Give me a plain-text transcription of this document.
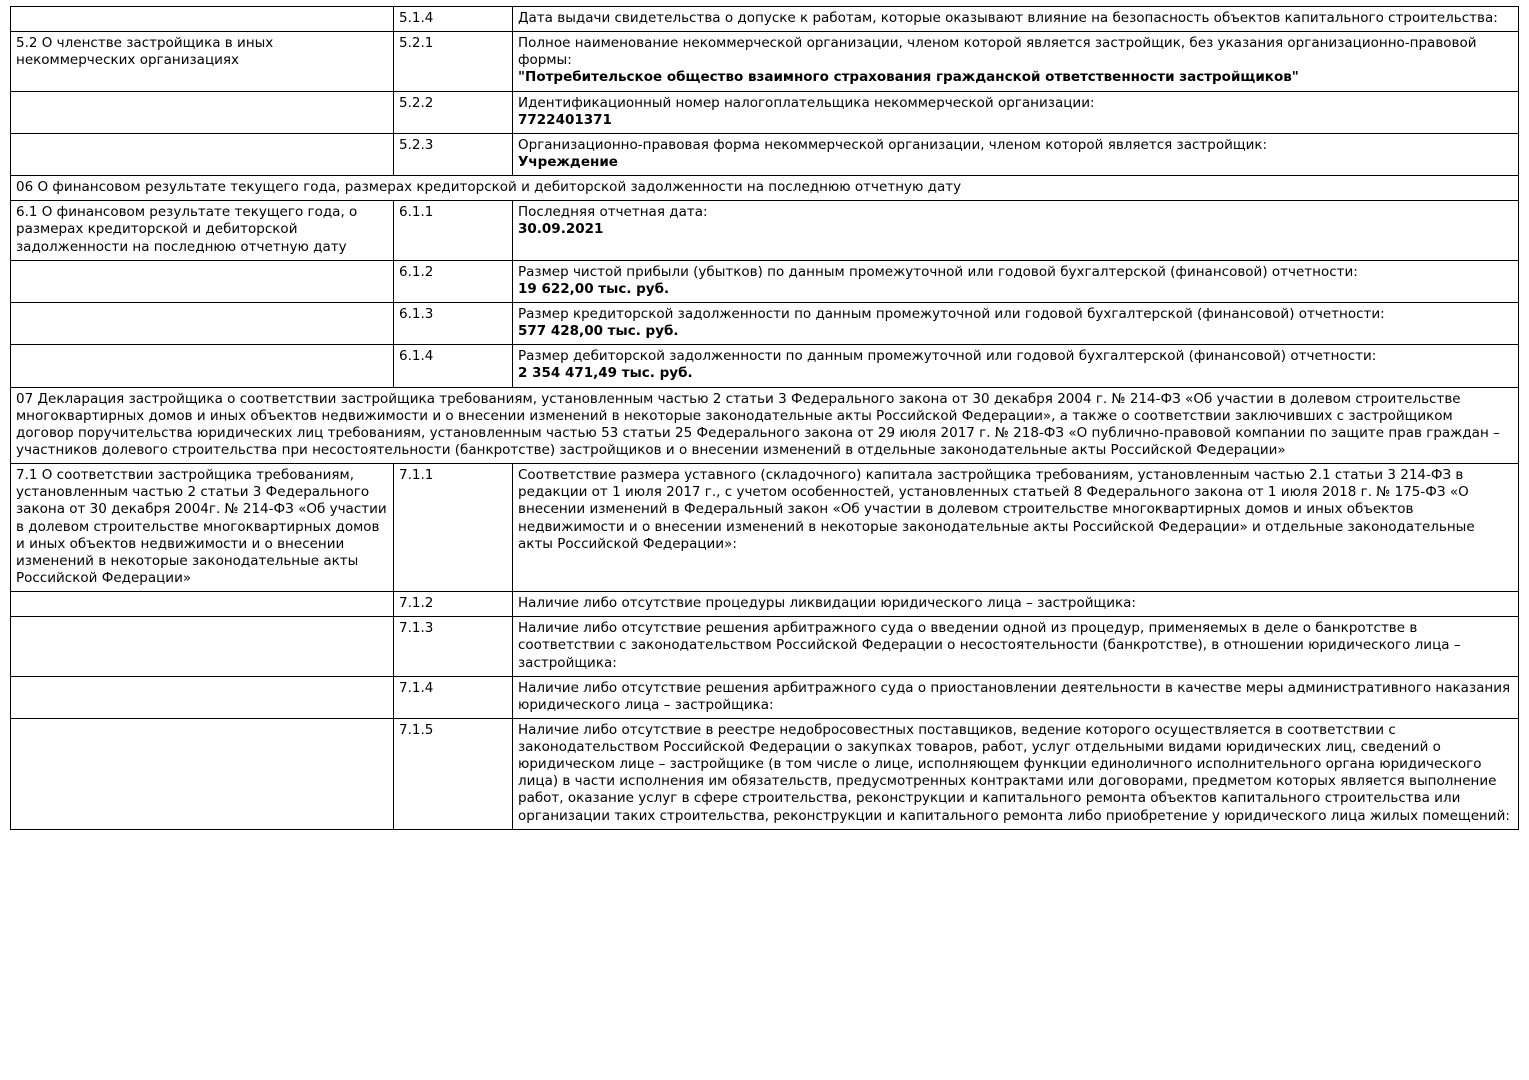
	5.1.4	Дата выдачи свидетельства о допуске к работам, которые оказывают влияние на безопасность объектов капитального строительства:

5.2 О членстве застройщика в иных некоммерческих организациях	5.2.1	Полное наименование некоммерческой организации, членом которой является застройщик, без указания организационно-правовой формы:

"Потребительское общество взаимного страхования гражданской ответственности застройщиков"

	5.2.2	Идентификационный номер налогоплательщика некоммерческой организации:

7722401371

	5.2.3	Организационно-правовая форма некоммерческой организации, членом которой является застройщик:

Учреждение

06 О финансовом результате текущего года, размерах кредиторской и дебиторской задолженности на последнюю отчетную дату		
6.1 О финансовом результате текущего года, о размерах кредиторской и дебиторской задолженности на последнюю отчетную дату	6.1.1	Последняя отчетная дата:

30.09.2021

	6.1.2	Размер чистой прибыли (убытков) по данным промежуточной или годовой бухгалтерской (финансовой) отчетности:

19 622,00 тыс. руб.

	6.1.3	Размер кредиторской задолженности по данным промежуточной или годовой бухгалтерской (финансовой) отчетности:

577 428,00 тыс. руб.

	6.1.4	Размер дебиторской задолженности по данным промежуточной или годовой бухгалтерской (финансовой) отчетности:

2 354 471,49 тыс. руб.

07 Декларация застройщика о соответствии застройщика требованиям, установленным частью 2 статьи 3 Федерального закона от 30 декабря 2004 г. № 214-ФЗ «Об участии в долевом строительстве многоквартирных домов и иных объектов недвижимости и о внесении изменений в некоторые законодательные акты Российской Федерации», а также о соответствии заключивших с застройщиком договор поручительства юридических лиц требованиям, установленным частью 53 статьи 25 Федерального закона от 29 июля 2017 г. № 218-ФЗ «О публично-правовой компании по защите прав граждан – участников долевого строительства при несостоятельности (банкротстве) застройщиков и о внесении изменений в отдельные законодательные акты Российской Федерации»		
7.1 О соответствии застройщика требованиям, установленным частью 2 статьи 3 Федерального закона от 30 декабря 2004г. № 214-ФЗ «Об участии в долевом строительстве многоквартирных домов и иных объектов недвижимости и о внесении изменений в некоторые законодательные акты Российской Федерации»	7.1.1	Соответствие размера уставного (складочного) капитала застройщика требованиям, установленным частью 2.1 статьи 3 214-ФЗ в редакции от 1 июля 2017 г., с учетом особенностей, установленных статьей 8 Федерального закона от 1 июля 2018 г. № 175-ФЗ «О внесении изменений в Федеральный закон «Об участии в долевом строительстве многоквартирных домов и иных объектов недвижимости и о внесении изменений в некоторые законодательные акты Российской Федерации» и отдельные законодательные акты Российской Федерации»:

	7.1.2	Наличие либо отсутствие процедуры ликвидации юридического лица – застройщика:

	7.1.3	Наличие либо отсутствие решения арбитражного суда о введении одной из процедур, применяемых в деле о банкротстве в соответствии с законодательством Российской Федерации о несостоятельности (банкротстве), в отношении юридического лица – застройщика:

	7.1.4	Наличие либо отсутствие решения арбитражного суда о приостановлении деятельности в качестве меры административного наказания юридического лица – застройщика:

	7.1.5	Наличие либо отсутствие в реестре недобросовестных поставщиков, ведение которого осуществляется в соответствии с законодательством Российской Федерации о закупках товаров, работ, услуг отдельными видами юридических лиц, сведений о юридическом лице – застройщике (в том числе о лице, исполняющем функции единоличного исполнительного органа юридического лица) в части исполнения им обязательств, предусмотренных контрактами или договорами, предметом которых является выполнение работ, оказание услуг в сфере строительства, реконструкции и капитального ремонта объектов капитального строительства или организации таких строительства, реконструкции и капитального ремонта либо приобретение у юридического лица жилых помещений:
